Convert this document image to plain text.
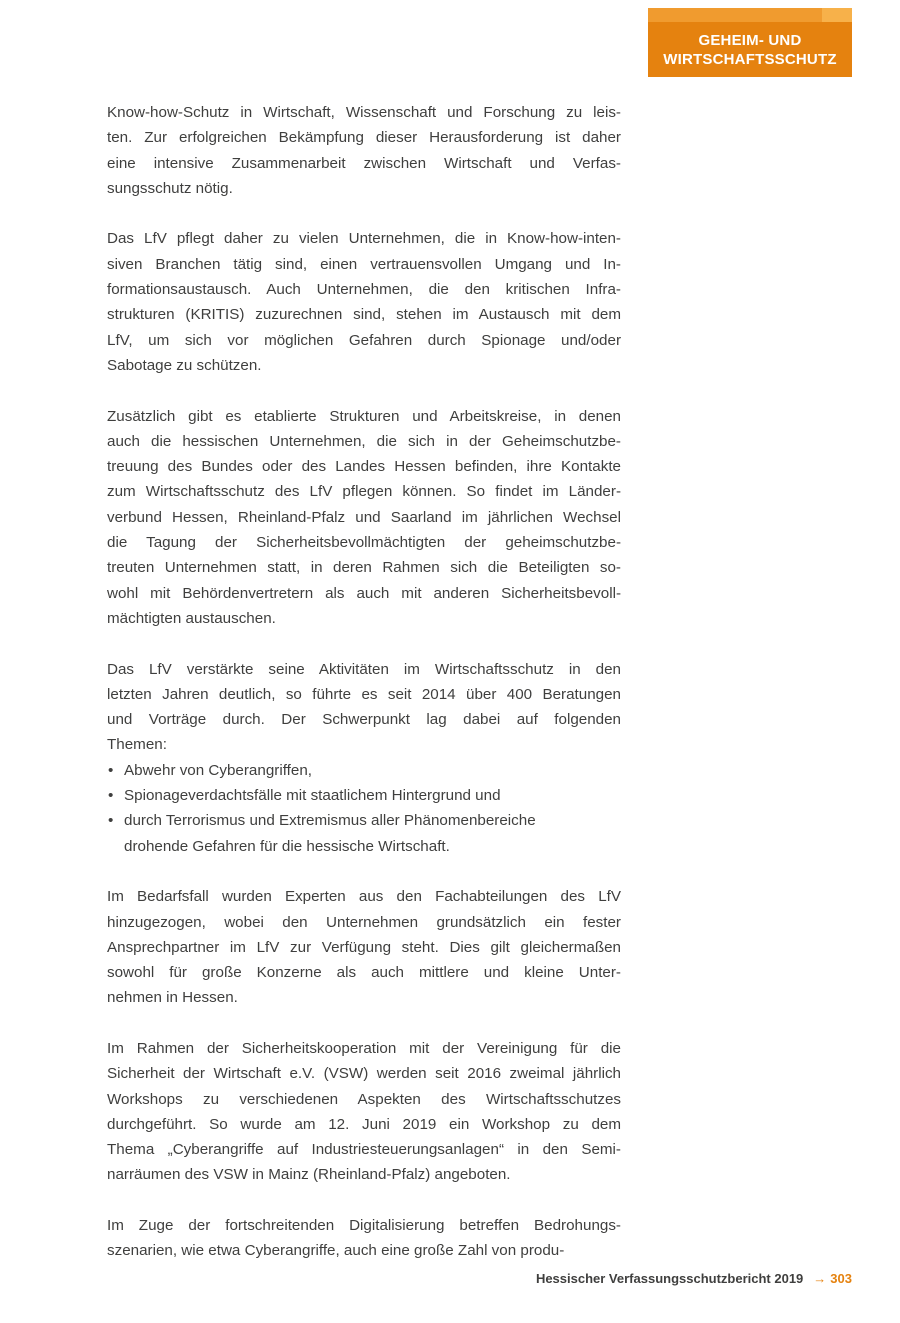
GEHEIM- UND
WIRTSCHAFTSSCHUTZ
Know-how-Schutz in Wirtschaft, Wissenschaft und Forschung zu leis-
ten. Zur erfolgreichen Bekämpfung dieser Herausforderung ist daher
eine intensive Zusammenarbeit zwischen Wirtschaft und Verfas-
sungsschutz nötig.
Das LfV pflegt daher zu vielen Unternehmen, die in Know-how-inten-
siven Branchen tätig sind, einen vertrauensvollen Umgang und In-
formationsaustausch. Auch Unternehmen, die den kritischen Infra-
strukturen (KRITIS) zuzurechnen sind, stehen im Austausch mit dem
LfV, um sich vor möglichen Gefahren durch Spionage und/oder
Sabotage zu schützen.
Zusätzlich gibt es etablierte Strukturen und Arbeitskreise, in denen
auch die hessischen Unternehmen, die sich in der Geheimschutzbe-
treuung des Bundes oder des Landes Hessen befinden, ihre Kontakte
zum Wirtschaftsschutz des LfV pflegen können. So findet im Länder-
verbund Hessen, Rheinland-Pfalz und Saarland im jährlichen Wechsel
die Tagung der Sicherheitsbevollmächtigten der geheimschutzbe-
treuten Unternehmen statt, in deren Rahmen sich die Beteiligten so-
wohl mit Behördenvertretern als auch mit anderen Sicherheitsbevoll-
mächtigten austauschen.
Das LfV verstärkte seine Aktivitäten im Wirtschaftsschutz in den
letzten Jahren deutlich, so führte es seit 2014 über 400 Beratungen
und Vorträge durch. Der Schwerpunkt lag dabei auf folgenden
Themen:
• Abwehr von Cyberangriffen,
• Spionageverdachtsfälle mit staatlichem Hintergrund und
• durch Terrorismus und Extremismus aller Phänomenbereiche
drohende Gefahren für die hessische Wirtschaft.
Im Bedarfsfall wurden Experten aus den Fachabteilungen des LfV
hinzugezogen, wobei den Unternehmen grundsätzlich ein fester
Ansprechpartner im LfV zur Verfügung steht. Dies gilt gleichermaßen
sowohl für große Konzerne als auch mittlere und kleine Unter-
nehmen in Hessen.
Im Rahmen der Sicherheitskooperation mit der Vereinigung für die
Sicherheit der Wirtschaft e.V. (VSW) werden seit 2016 zweimal jährlich
Workshops zu verschiedenen Aspekten des Wirtschaftsschutzes
durchgeführt. So wurde am 12. Juni 2019 ein Workshop zu dem
Thema „Cyberangriffe auf Industriesteuerungsanlagen“ in den Semi-
narräumen des VSW in Mainz (Rheinland-Pfalz) angeboten.
Im Zuge der fortschreitenden Digitalisierung betreffen Bedrohungs-
szenarien, wie etwa Cyberangriffe, auch eine große Zahl von produ-
Hessischer Verfassungsschutzbericht 2019 → 303
